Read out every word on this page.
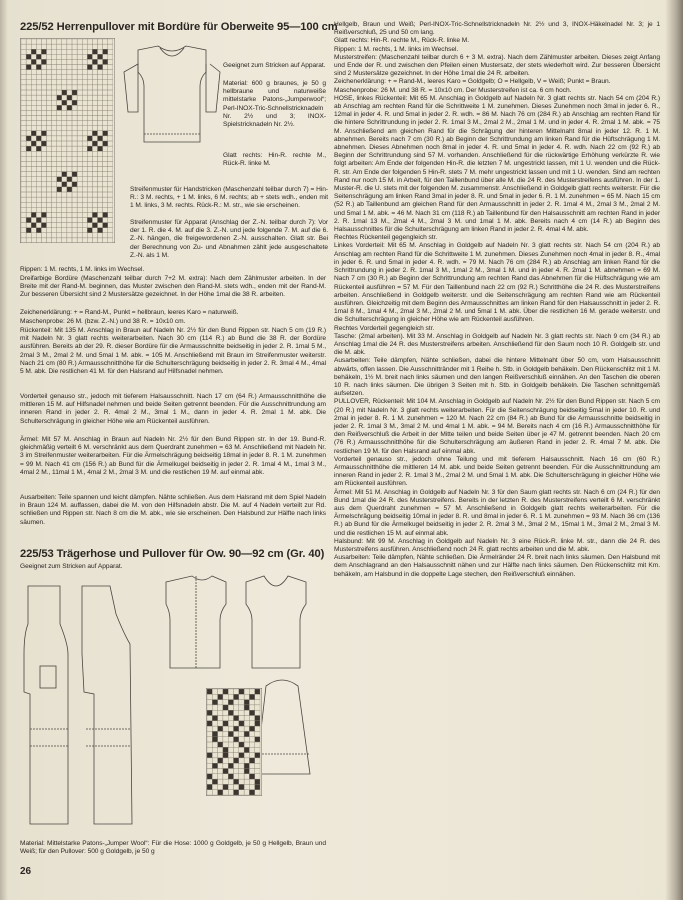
225/52 Herrenpullover mit Bordüre für Oberweite 95—100 cm
Geeignet zum Stricken auf Apparat.
Material: 600 g braunes, je 50 g hellbraune und naturweiße mittelstarke Patons-„Jumperwool“; Perl-INOX-Tric-Schnellstricknadeln Nr. 2½ und 3; INOX-Spielstricknadeln Nr. 2½.
Glatt rechts: Hin-R. rechte M., Rück-R. linke M.
Streifenmuster für Handstricken (Maschenzahl teilbar durch 7) = Hin-R.: 3 M. rechts, + 1 M. links, 6 M. rechts; ab + stets wdh., enden mit 1 M. links, 3 M. rechts. Rück-R.: M. str., wie sie erscheinen.
Streifenmuster für Apparat (Anschlag der Z.-N. teilbar durch 7): Vor der 1. R. die 4. M. auf die 3. Z.-N. und jede folgende 7. M. auf die 6. Z.-N. hängen, die freigewordenen Z.-N. ausschalten. Glatt str. Bei der Berechnung von Zu- und Abnahmen zählt jede ausgeschaltete Z.-N. als 1 M.
Rippen: 1 M. rechts, 1 M. links im Wechsel.
Dreifarbige Bordüre (Maschenzahl teilbar durch 7+2 M. extra): Nach dem Zählmuster arbeiten. In der Breite mit der Rand-M. beginnen, das Muster zwischen den Rand-M. stets wdh., enden mit der Rand-M. Zur besseren Übersicht sind 2 Mustersätze gezeichnet. In der Höhe 1mal die 38 R. arbeiten.
Zeichenerklärung: + = Rand-M., Punkt = hellbraun, leeres Karo = naturweiß.
Maschenprobe: 26 M. (bzw. Z.-N.) und 38 R. = 10x10 cm.
Rückenteil: Mit 135 M. Anschlag in Braun auf Nadeln Nr. 2½ für den Bund Rippen str. Nach 5 cm (19 R.) mit Nadeln Nr. 3 glatt rechts weiterarbeiten. Nach 30 cm (114 R.) ab Bund die 38 R. der Bordüre ausführen. Bereits ab der 29. R. dieser Bordüre für die Armausschnitte beidseitig in jeder 2. R. 1mal 5 M., 2mal 3 M., 2mal 2 M. und 5mal 1 M. abk. = 105 M. Anschließend mit Braun im Streifenmuster weiterstr. Nach 21 cm (80 R.) Armausschnitthöhe für die Schulterschrägung beidseitig in jeder 2. R. 3mal 4 M., 4mal 5 M. abk. Die restlichen 41 M. für den Halsrand auf Hilfsnadel nehmen.
Vorderteil genauso str., jedoch mit tieferem Halsausschnitt. Nach 17 cm (64 R.) Armausschnitthöhe die mittleren 15 M. auf Hilfsnadel nehmen und beide Seiten getrennt beenden. Für die Ausschnittrundung am inneren Rand in jeder 2. R. 4mal 2 M., 3mal 1 M., dann in jeder 4. R. 2mal 1 M. abk. Die Schulterschrägung in gleicher Höhe wie am Rückenteil ausführen.
Ärmel: Mit 57 M. Anschlag in Braun auf Nadeln Nr. 2½ für den Bund Rippen str. In der 19. Bund-R. gleichmäßig verteilt 6 M. verschränkt aus dem Querdraht zunehmen = 63 M. Anschließend mit Nadeln Nr. 3 im Streifenmuster weiterarbeiten. Für die Ärmelschrägung beidseitig 18mal in jeder 8. R. 1 M. zunehmen = 99 M. Nach 41 cm (156 R.) ab Bund für die Ärmelkugel beidseitig in jeder 2. R. 1mal 4 M., 1mal 3 M., 4mal 2 M., 11mal 1 M., 4mal 2 M., 2mal 3 M. und die restlichen 19 M. auf einmal abk.
Ausarbeiten: Teile spannen und leicht dämpfen. Nähte schließen. Aus dem Halsrand mit dem Spiel Nadeln in Braun 124 M. auffassen, dabei die M. von den Hilfsnadeln abstr. Die M. auf 4 Nadeln verteilt zur Rd. schließen und Rippen str. Nach 8 cm die M. abk., wie sie erscheinen. Den Halsbund zur Hälfte nach links säumen.
225/53 Trägerhose und Pullover für Ow. 90—92 cm (Gr. 40)
Geeignet zum Stricken auf Apparat.
Material: Mittelstarke Patons-„Jumper Wool“: Für die Hose: 1000 g Goldgelb, je 50 g Hellgelb, Braun und Weiß; für den Pullover: 500 g Goldgelb, je 50 g
Hellgelb, Braun und Weiß; Perl-INOX-Tric-Schnellstricknadeln Nr. 2½ und 3, INOX-Häkelnadel Nr. 3; je 1 Reißverschluß, 25 und 50 cm lang.
Glatt rechts: Hin-R. rechte M., Rück-R. linke M.
Rippen: 1 M. rechts, 1 M. links im Wechsel.
Musterstreifen: (Maschenzahl teilbar durch 6 + 3 M. extra). Nach dem Zählmuster arbeiten. Dieses zeigt Anfang und Ende der R. und zwischen den Pfeilen einen Mustersatz, der stets wiederholt wird. Zur besseren Übersicht sind 2 Mustersätze gezeichnet. In der Höhe 1mal die 24 R. arbeiten.
Zeichenerklärung: + = Rand-M., leeres Karo = Goldgelb; O = Hellgelb, V = Weiß; Punkt = Braun.
Maschenprobe: 26 M. und 38 R. = 10x10 cm. Der Musterstreifen ist ca. 6 cm hoch.
HOSE, linkes Rückenteil: Mit 65 M. Anschlag in Goldgelb auf Nadeln Nr. 3 glatt rechts str. Nach 54 cm (204 R.) ab Anschlag am rechten Rand für die Schrittweite 1 M. zunehmen. Dieses Zunehmen noch 3mal in jeder 6. R., 12mal in jeder 4. R. und 5mal in jeder 2. R. wdh. = 86 M. Nach 76 cm (284 R.) ab Anschlag am rechten Rand für die hintere Schrittrundung in jeder 2. R. 1mal 3 M., 2mal 2 M., 2mal 1 M. und in jeder 4. R. 2mal 1 M. abk. = 75 M. Anschließend am gleichen Rand für die Schrägung der hinteren Mittelnaht 8mal in jeder 12. R. 1 M. abnehmen. Bereits nach 7 cm (30 R.) ab Beginn der Schrittrundung am linken Rand für die Hüftschrägung 1 M. abnehmen. Dieses Abnehmen noch 8mal in jeder 4. R. und 5mal in jeder 4. R. wdh. Nach 22 cm (92 R.) ab Beginn der Schrittrundung sind 57 M. vorhanden. Anschließend für die rückwärtige Erhöhung verkürzte R. wie folgt arbeiten: Am Ende der folgenden Hin-R. die letzten 7 M. ungestrickt lassen, mit 1 U. wenden und die Rück-R. str. Am Ende der folgenden 5 Hin-R. stets 7 M. mehr ungestrickt lassen und mit 1 U. wenden. Sind am rechten Rand nur noch 15 M. in Arbeit, für den Taillenbund über alle M. die 24 R. des Musterstreifens ausführen. In der 1. Muster-R. die U. stets mit der folgenden M. zusammenstr. Anschließend in Goldgelb glatt rechts weiterstr. Für die Seitenschrägung am linken Rand 3mal in jeder 8. R. und 5mal in jeder 6. R. 1 M. zunehmen = 65 M. Nach 15 cm (52 R.) ab Taillenbund am gleichen Rand für den Armausschnitt in jeder 2. R. 1mal 4 M., 2mal 3 M., 2mal 2 M. und 5mal 1 M. abk. = 46 M. Nach 31 cm (118 R.) ab Taillenbund für den Halsausschnitt am rechten Rand in jeder 2. R. 1mal 13 M., 2mal 4 M., 2mal 3 M. und 1mal 1 M. abk. Bereits nach 4 cm (14 R.) ab Beginn des Halsausschnittes für die Schulterschrägung am linken Rand in jeder 2. R. 4mal 4 M. abk.
Rechtes Rückenteil gegengleich str.
Linkes Vorderteil: Mit 65 M. Anschlag in Goldgelb auf Nadeln Nr. 3 glatt rechts str. Nach 54 cm (204 R.) ab Anschlag am rechten Rand für die Schrittweite 1 M. zunehmen. Dieses Zunehmen noch 4mal in jeder 8. R., 4mal in jeder 6. R. und 5mal in jeder 4. R. wdh. = 79 M. Nach 76 cm (284 R.) ab Anschlag am linken Rand für die Schrittrundung in jeder 2. R. 1mal 3 M., 1mal 2 M., 3mal 1 M. und in jeder 4. R. 2mal 1 M. abnehmen = 69 M. Nach 7 cm (30 R.) ab Beginn der Schrittrundung am rechten Rand das Abnehmen für die Hüftschrägung wie am Rückenteil ausführen = 57 M. Für den Taillenbund nach 22 cm (92 R.) Schritthöhe die 24 R. des Musterstreifens arbeiten. Anschließend in Goldgelb weiterstr. und die Seitenschrägung am rechten Rand wie am Rückenteil ausführen. Gleichzeitig mit dem Beginn des Armausschnittes am linken Rand für den Halsausschnitt in jeder 2. R. 1mal 8 M., 1mal 4 M., 2mal 3 M., 2mal 2 M. und 5mal 1 M. abk. Über die restlichen 16 M. gerade weiterstr. und die Schulterschrägung in gleicher Höhe wie am Rückenteil ausführen.
Rechtes Vorderteil gegengleich str.
Tasche: (2mal arbeiten). Mit 33 M. Anschlag in Goldgelb auf Nadeln Nr. 3 glatt rechts str. Nach 9 cm (34 R.) ab Anschlag 1mal die 24 R. des Musterstreifens arbeiten. Anschließend für den Saum noch 10 R. Goldgelb str. und die M. abk.
Ausarbeiten: Teile dämpfen, Nähte schließen, dabei die hintere Mittelnaht über 50 cm, vom Halsausschnitt abwärts, offen lassen. Die Ausschnittränder mit 1 Reihe h. Stb. in Goldgelb behäkeln. Den Rückenschlitz mit 1 M. behäkeln, 1½ M. breit nach links säumen und den langen Reißverschluß einnähen. An den Taschen die oberen 10 R. nach links säumen. Die übrigen 3 Seiten mit h. Stb. in Goldgelb behäkeln. Die Taschen schnittgemäß aufsetzen.
PULLOVER, Rückenteil: Mit 104 M. Anschlag in Goldgelb auf Nadeln Nr. 2½ für den Bund Rippen str. Nach 5 cm (20 R.) mit Nadeln Nr. 3 glatt rechts weiterarbeiten. Für die Seitenschrägung beidseitig 5mal in jeder 10. R. und 2mal in jeder 8. R. 1 M. zunehmen = 120 M. Nach 22 cm (84 R.) ab Bund für die Armausschnitte beidseitig in jeder 2. R. 1mal 3 M., 3mal 2 M. und 4mal 1 M. abk. = 94 M. Bereits nach 4 cm (16 R.) Armausschnitthöhe für den Reißverschluß die Arbeit in der Mitte teilen und beide Seiten über je 47 M. getrennt beenden. Nach 20 cm (76 R.) Armausschnitthöhe für die Schulterschrägung am äußeren Rand in jeder 2. R. 4mal 7 M. abk. Die restlichen 19 M. für den Halsrand auf einmal abk.
Vorderteil genauso str., jedoch ohne Teilung und mit tieferem Halsausschnitt. Nach 16 cm (60 R.) Armausschnitthöhe die mittleren 14 M. abk. und beide Seiten getrennt beenden. Für die Ausschnittrundung am inneren Rand in jeder 2. R. 1mal 3 M., 2mal 2 M. und 5mal 1 M. abk. Die Schulterschrägung in gleicher Höhe wie am Rückenteil ausführen.
Ärmel: Mit 51 M. Anschlag in Goldgelb auf Nadeln Nr. 3 für den Saum glatt rechts str. Nach 6 cm (24 R.) für den Bund 1mal die 24 R. des Musterstreifens. Bereits in der letzten R. des Musterstreifens verteilt 6 M. verschränkt aus dem Querdraht zunehmen = 57 M. Anschließend in Goldgelb glatt rechts weiterarbeiten. Für die Ärmelschrägung beidseitig 10mal in jeder 8. R. und 8mal in jeder 6. R. 1 M. zunehmen = 93 M. Nach 36 cm (136 R.) ab Bund für die Ärmelkugel beidseitig in jeder 2. R. 2mal 3 M., 3mal 2 M., 15mal 1 M., 3mal 2 M., 2mal 3 M. und die restlichen 15 M. auf einmal abk.
Halsbund: Mit 99 M. Anschlag in Goldgelb auf Nadeln Nr. 3 eine Rück-R. linke M. str., dann die 24 R. des Musterstreifens ausführen. Anschließend noch 24 R. glatt rechts arbeiten und die M. abk.
Ausarbeiten: Teile dämpfen, Nähte schließen. Die Ärmelränder 24 R. breit nach links säumen. Den Halsbund mit dem Anschlagrand an den Halsausschnitt nähen und zur Hälfte nach links säumen. Den Rückenschlitz mit Km. behäkeln, am Halsbund in die doppelte Lage stechen, den Reißverschluß einnähen.
26
